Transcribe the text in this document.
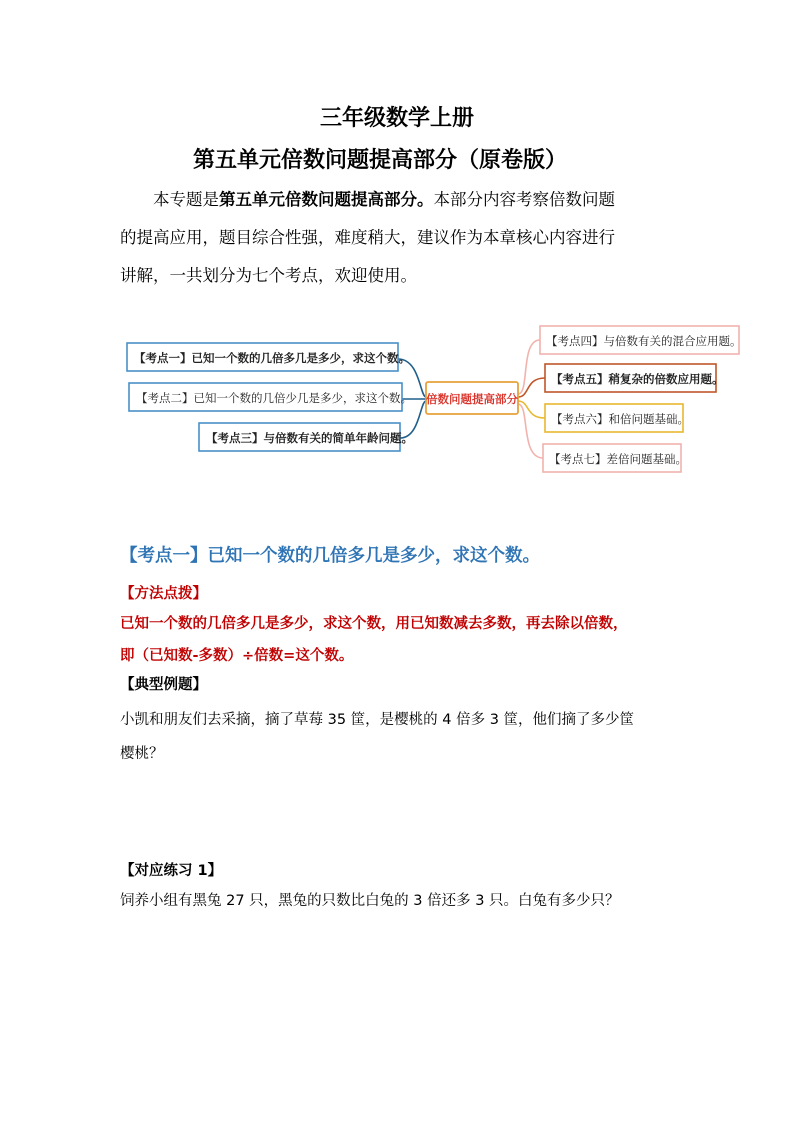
三年级数学上册
第五单元倍数问题提高部分（原卷版）
本专题是第五单元倍数问题提高部分。本部分内容考察倍数问题
的提高应用，题目综合性强，难度稍大，建议作为本章核心内容进行
讲解，一共划分为七个考点，欢迎使用。
【考点一】已知一个数的几倍多几是多少，求这个数。
【考点二】已知一个数的几倍少几是多少，求这个数。
【考点三】与倍数有关的简单年龄问题。
倍数问题提高部分
【考点四】与倍数有关的混合应用题。
【考点五】稍复杂的倍数应用题。
【考点六】和倍问题基础。
【考点七】差倍问题基础。
【考点一】已知一个数的几倍多几是多少，求这个数。
【方法点拨】
已知一个数的几倍多几是多少，求这个数，用已知数减去多数，再去除以倍数，
即（已知数-多数）÷倍数=这个数。
【典型例题】
小凯和朋友们去采摘，摘了草莓 35 筐，是樱桃的 4 倍多 3 筐，他们摘了多少筐
樱桃？
【对应练习 1】
饲养小组有黑兔 27 只，黑兔的只数比白兔的 3 倍还多 3 只。白兔有多少只？
